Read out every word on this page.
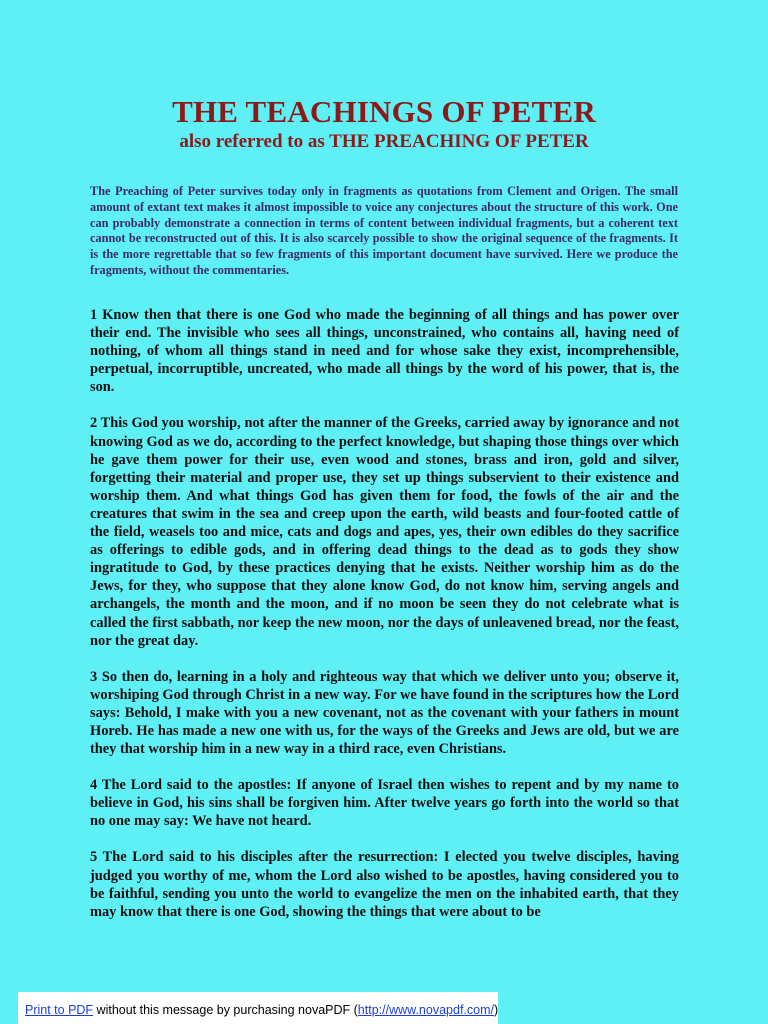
THE TEACHINGS OF PETER
also referred to as THE PREACHING OF PETER
The Preaching of Peter survives today only in fragments as quotations from Clement and Origen. The small amount of extant text makes it almost impossible to voice any conjectures about the structure of this work. One can probably demonstrate a connection in terms of content between individual fragments, but a coherent text cannot be reconstructed out of this. It is also scarcely possible to show the original sequence of the fragments. It is the more regrettable that so few fragments of this important document have survived. Here we produce the fragments, without the commentaries.

1 Know then that there is one God who made the beginning of all things and has power over their end. The invisible who sees all things, unconstrained, who contains all, having need of nothing, of whom all things stand in need and for whose sake they exist, incomprehensible, perpetual, incorruptible, uncreated, who made all things by the word of his power, that is, the son.

2 This God you worship, not after the manner of the Greeks, carried away by ignorance and not knowing God as we do, according to the perfect knowledge, but shaping those things over which he gave them power for their use, even wood and stones, brass and iron, gold and silver, forgetting their material and proper use, they set up things subservient to their existence and worship them. And what things God has given them for food, the fowls of the air and the creatures that swim in the sea and creep upon the earth, wild beasts and four-footed cattle of the field, weasels too and mice, cats and dogs and apes, yes, their own edibles do they sacrifice as offerings to edible gods, and in offering dead things to the dead as to gods they show ingratitude to God, by these practices denying that he exists. Neither worship him as do the Jews, for they, who suppose that they alone know God, do not know him, serving angels and archangels, the month and the moon, and if no moon be seen they do not celebrate what is called the first sabbath, nor keep the new moon, nor the days of unleavened bread, nor the feast, nor the great day.

3 So then do, learning in a holy and righteous way that which we deliver unto you; observe it, worshiping God through Christ in a new way. For we have found in the scriptures how the Lord says: Behold, I make with you a new covenant, not as the covenant with your fathers in mount Horeb. He has made a new one with us, for the ways of the Greeks and Jews are old, but we are they that worship him in a new way in a third race, even Christians.

4 The Lord said to the apostles: If anyone of Israel then wishes to repent and by my name to believe in God, his sins shall be forgiven him. After twelve years go forth into the world so that no one may say: We have not heard.

5 The Lord said to his disciples after the resurrection: I elected you twelve disciples, having judged you worthy of me, whom the Lord also wished to be apostles, having considered you to be faithful, sending you unto the world to evangelize the men on the inhabited earth, that they may know that there is one God, showing the things that were about to be

Print to PDF without this message by purchasing novaPDF (http://www.novapdf.com/)
